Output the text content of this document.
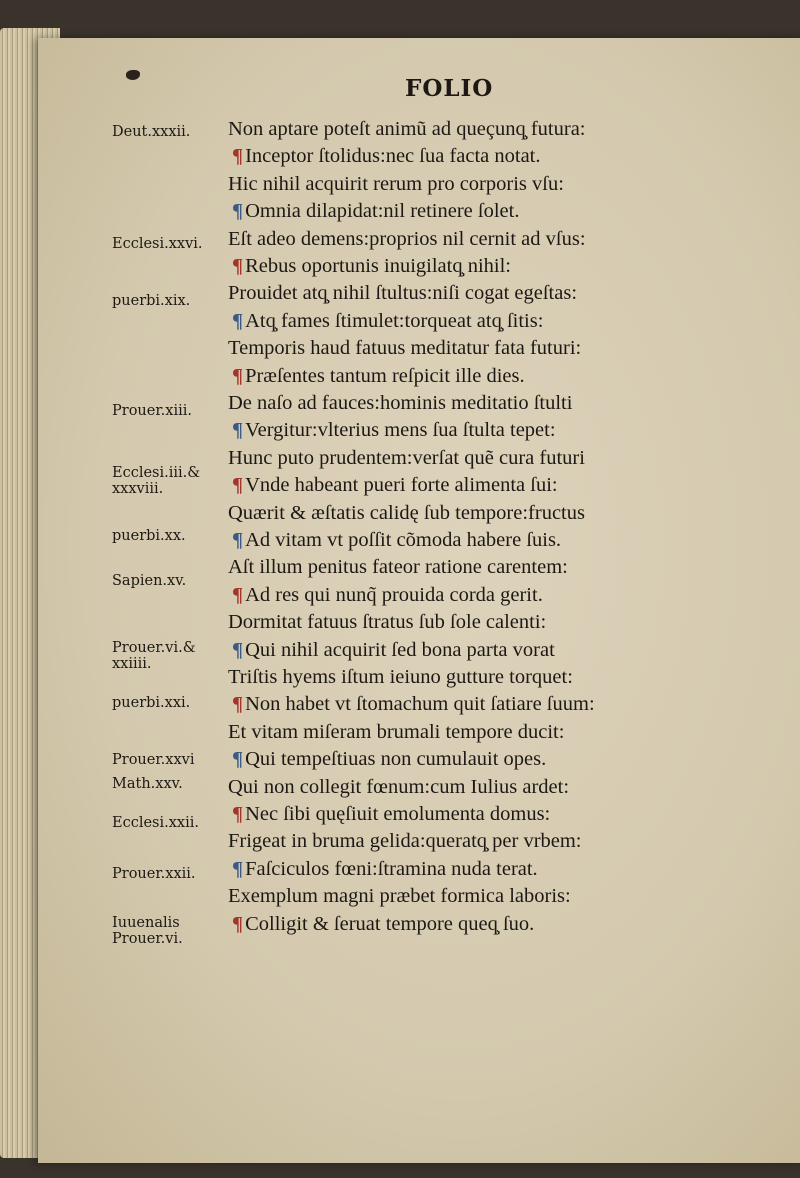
FOLIO
Deut.xxxii.
Ecclesi.xxvi.
puerbi.xix.
Prouer.xiii.
Ecclesi.iii.&
xxxviii.
puerbi.xx.
Sapien.xv.
Prouer.vi.&
xxiiii.
puerbi.xxi.
Prouer.xxvi
Math.xxv.
Ecclesi.xxii.
Prouer.xxii.
Iuuenalis
Prouer.vi.
Non aptare poteſt animũ ad queçunq̧ futura:
¶Inceptor ſtolidus:nec ſua facta notat.
Hic nihil acquirit rerum pro corporis vſu:
¶Omnia dilapidat:nil retinere ſolet.
Eſt adeo demens:proprios nil cernit ad vſus:
¶Rebus oportunis inuigilatq̧ nihil:
Prouidet atq̧ nihil ſtultus:niſi cogat egeſtas:
¶Atq̧ fames ſtimulet:torqueat atq̧ ſitis:
Temporis haud fatuus meditatur fata futuri:
¶Præſentes tantum reſpicit ille dies.
De naſo ad fauces:hominis meditatio ſtulti
¶Vergitur:vlterius mens ſua ſtulta tepet:
Hunc puto prudentem:verſat quẽ cura futuri
¶Vnde habeant pueri forte alimenta ſui:
Quærit & æſtatis calidę ſub tempore:fructus
¶Ad vitam vt poſſit cõmoda habere ſuis.
Aſt illum penitus fateor ratione carentem:
¶Ad res qui nunq̃ prouida corda gerit.
Dormitat fatuus ſtratus ſub ſole calenti:
¶Qui nihil acquirit ſed bona parta vorat
Triſtis hyems iſtum ieiuno gutture torquet:
¶Non habet vt ſtomachum quit ſatiare ſuum:
Et vitam miſeram brumali tempore ducit:
¶Qui tempeſtiuas non cumulauit opes.
Qui non collegit fœnum:cum Iulius ardet:
¶Nec ſibi quęſiuit emolumenta domus:
Frigeat in bruma gelida:queratq̧ per vrbem:
¶Faſciculos fœni:ſtramina nuda terat.
Exemplum magni præbet formica laboris:
¶Colligit & ſeruat tempore queq̧ ſuo.
